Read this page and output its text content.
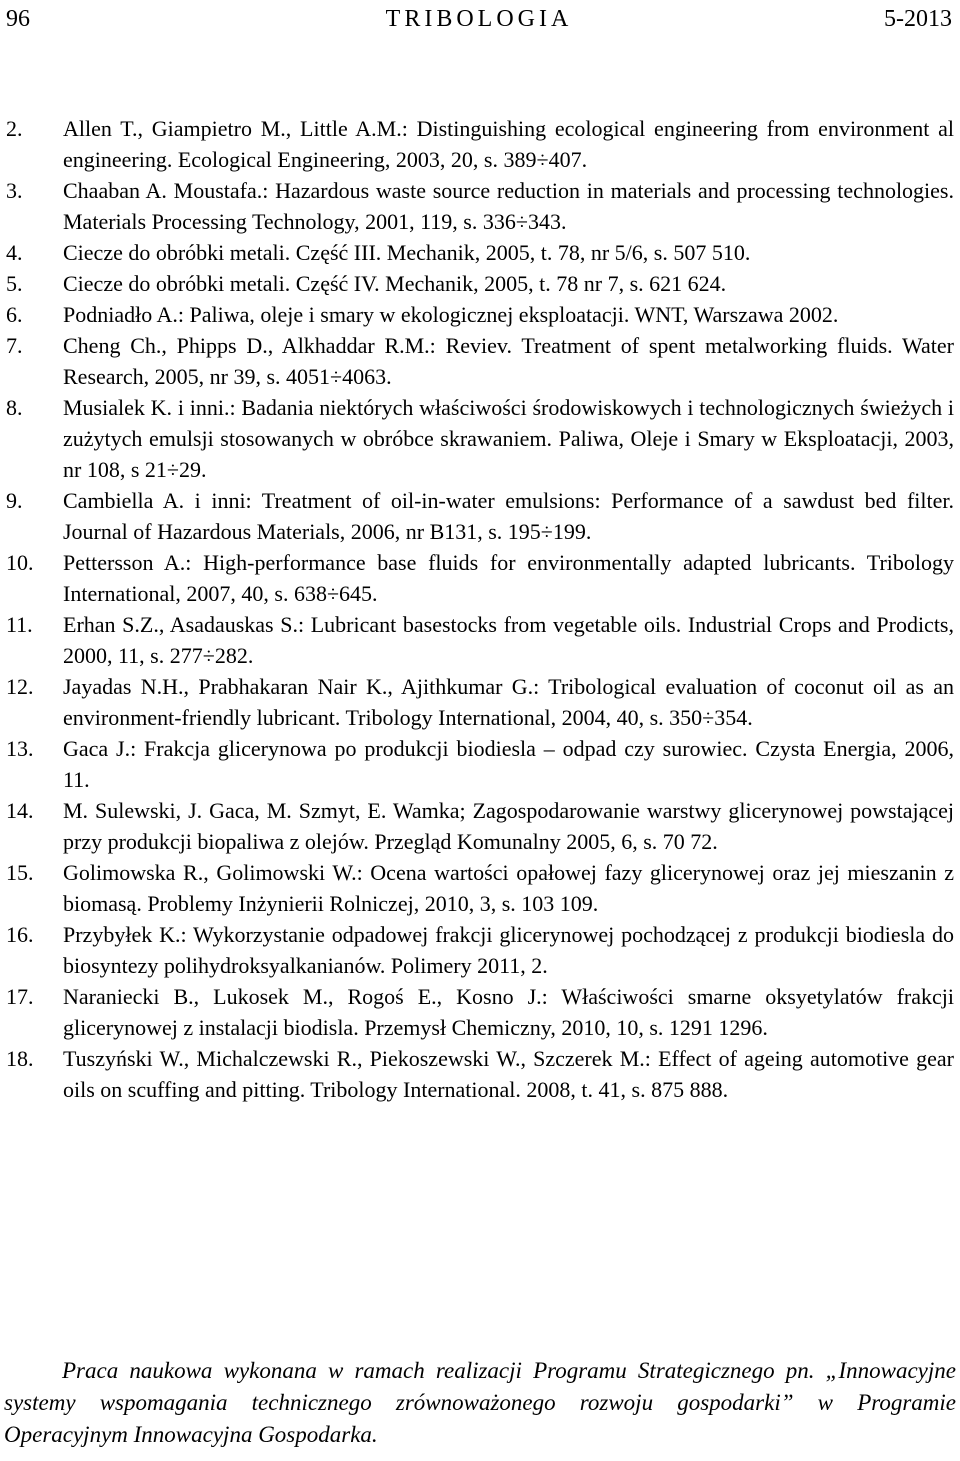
96	TRIBOLOGIA	5-2013
2. Allen T., Giampietro M., Little A.M.: Distinguishing ecological engineering from environment al engineering. Ecological Engineering, 2003, 20, s. 389÷407.
3. Chaaban A. Moustafa.: Hazardous waste source reduction in materials and processing technologies. Materials Processing Technology, 2001, 119, s. 336÷343.
4. Ciecze do obróbki metali. Część III. Mechanik, 2005, t. 78, nr 5/6, s. 507 510.
5. Ciecze do obróbki metali. Część IV. Mechanik, 2005, t. 78 nr 7, s. 621 624.
6. Podniadło A.: Paliwa, oleje i smary w ekologicznej eksploatacji. WNT, Warszawa 2002.
7. Cheng Ch., Phipps D., Alkhaddar R.M.: Reviev. Treatment of spent metalworking fluids. Water Research, 2005, nr 39, s. 4051÷4063.
8. Musialek K. i inni.: Badania niektórych właściwości środowiskowych i technologicznych świeżych i zużytych emulsji stosowanych w obróbce skrawaniem. Paliwa, Oleje i Smary w Eksploatacji, 2003, nr 108, s 21÷29.
9. Cambiella A. i inni: Treatment of oil-in-water emulsions: Performance of a sawdust bed filter. Journal of Hazardous Materials, 2006, nr B131, s. 195÷199.
10. Pettersson A.: High-performance base fluids for environmentally adapted lubricants. Tribology International, 2007, 40, s. 638÷645.
11. Erhan S.Z., Asadauskas S.: Lubricant basestocks from vegetable oils. Industrial Crops and Prodicts, 2000, 11, s. 277÷282.
12. Jayadas N.H., Prabhakaran Nair K., Ajithkumar G.: Tribological evaluation of coconut oil as an environment-friendly lubricant. Tribology International, 2004, 40, s. 350÷354.
13. Gaca J.: Frakcja glicerynowa po produkcji biodiesla – odpad czy surowiec. Czysta Energia, 2006, 11.
14. M. Sulewski, J. Gaca, M. Szmyt, E. Wamka; Zagospodarowanie warstwy glicerynowej powstającej przy produkcji biopaliwa z olejów. Przegląd Komunalny 2005, 6, s. 70 72.
15. Golimowska R., Golimowski W.: Ocena wartości opałowej fazy glicerynowej oraz jej mieszanin z biomasą. Problemy Inżynierii Rolniczej, 2010, 3, s. 103 109.
16. Przybyłek K.: Wykorzystanie odpadowej frakcji glicerynowej pochodzącej z produkcji biodiesla do biosyntezy polihydroksyalkanianów. Polimery 2011, 2.
17. Naraniecki B., Lukosek M., Rogoś E., Kosno J.: Właściwości smarne oksyetylatów frakcji glicerynowej z instalacji biodisla. Przemysł Chemiczny, 2010, 10, s. 1291 1296.
18. Tuszyński W., Michalczewski R., Piekoszewski W., Szczerek M.: Effect of ageing automotive gear oils on scuffing and pitting. Tribology International. 2008, t. 41, s. 875 888.

Praca naukowa wykonana w ramach realizacji Programu Strategicznego pn. „Innowacyjne systemy wspomagania technicznego zrównoważonego rozwoju gospodarki” w Programie Operacyjnym Innowacyjna Gospodarka.
